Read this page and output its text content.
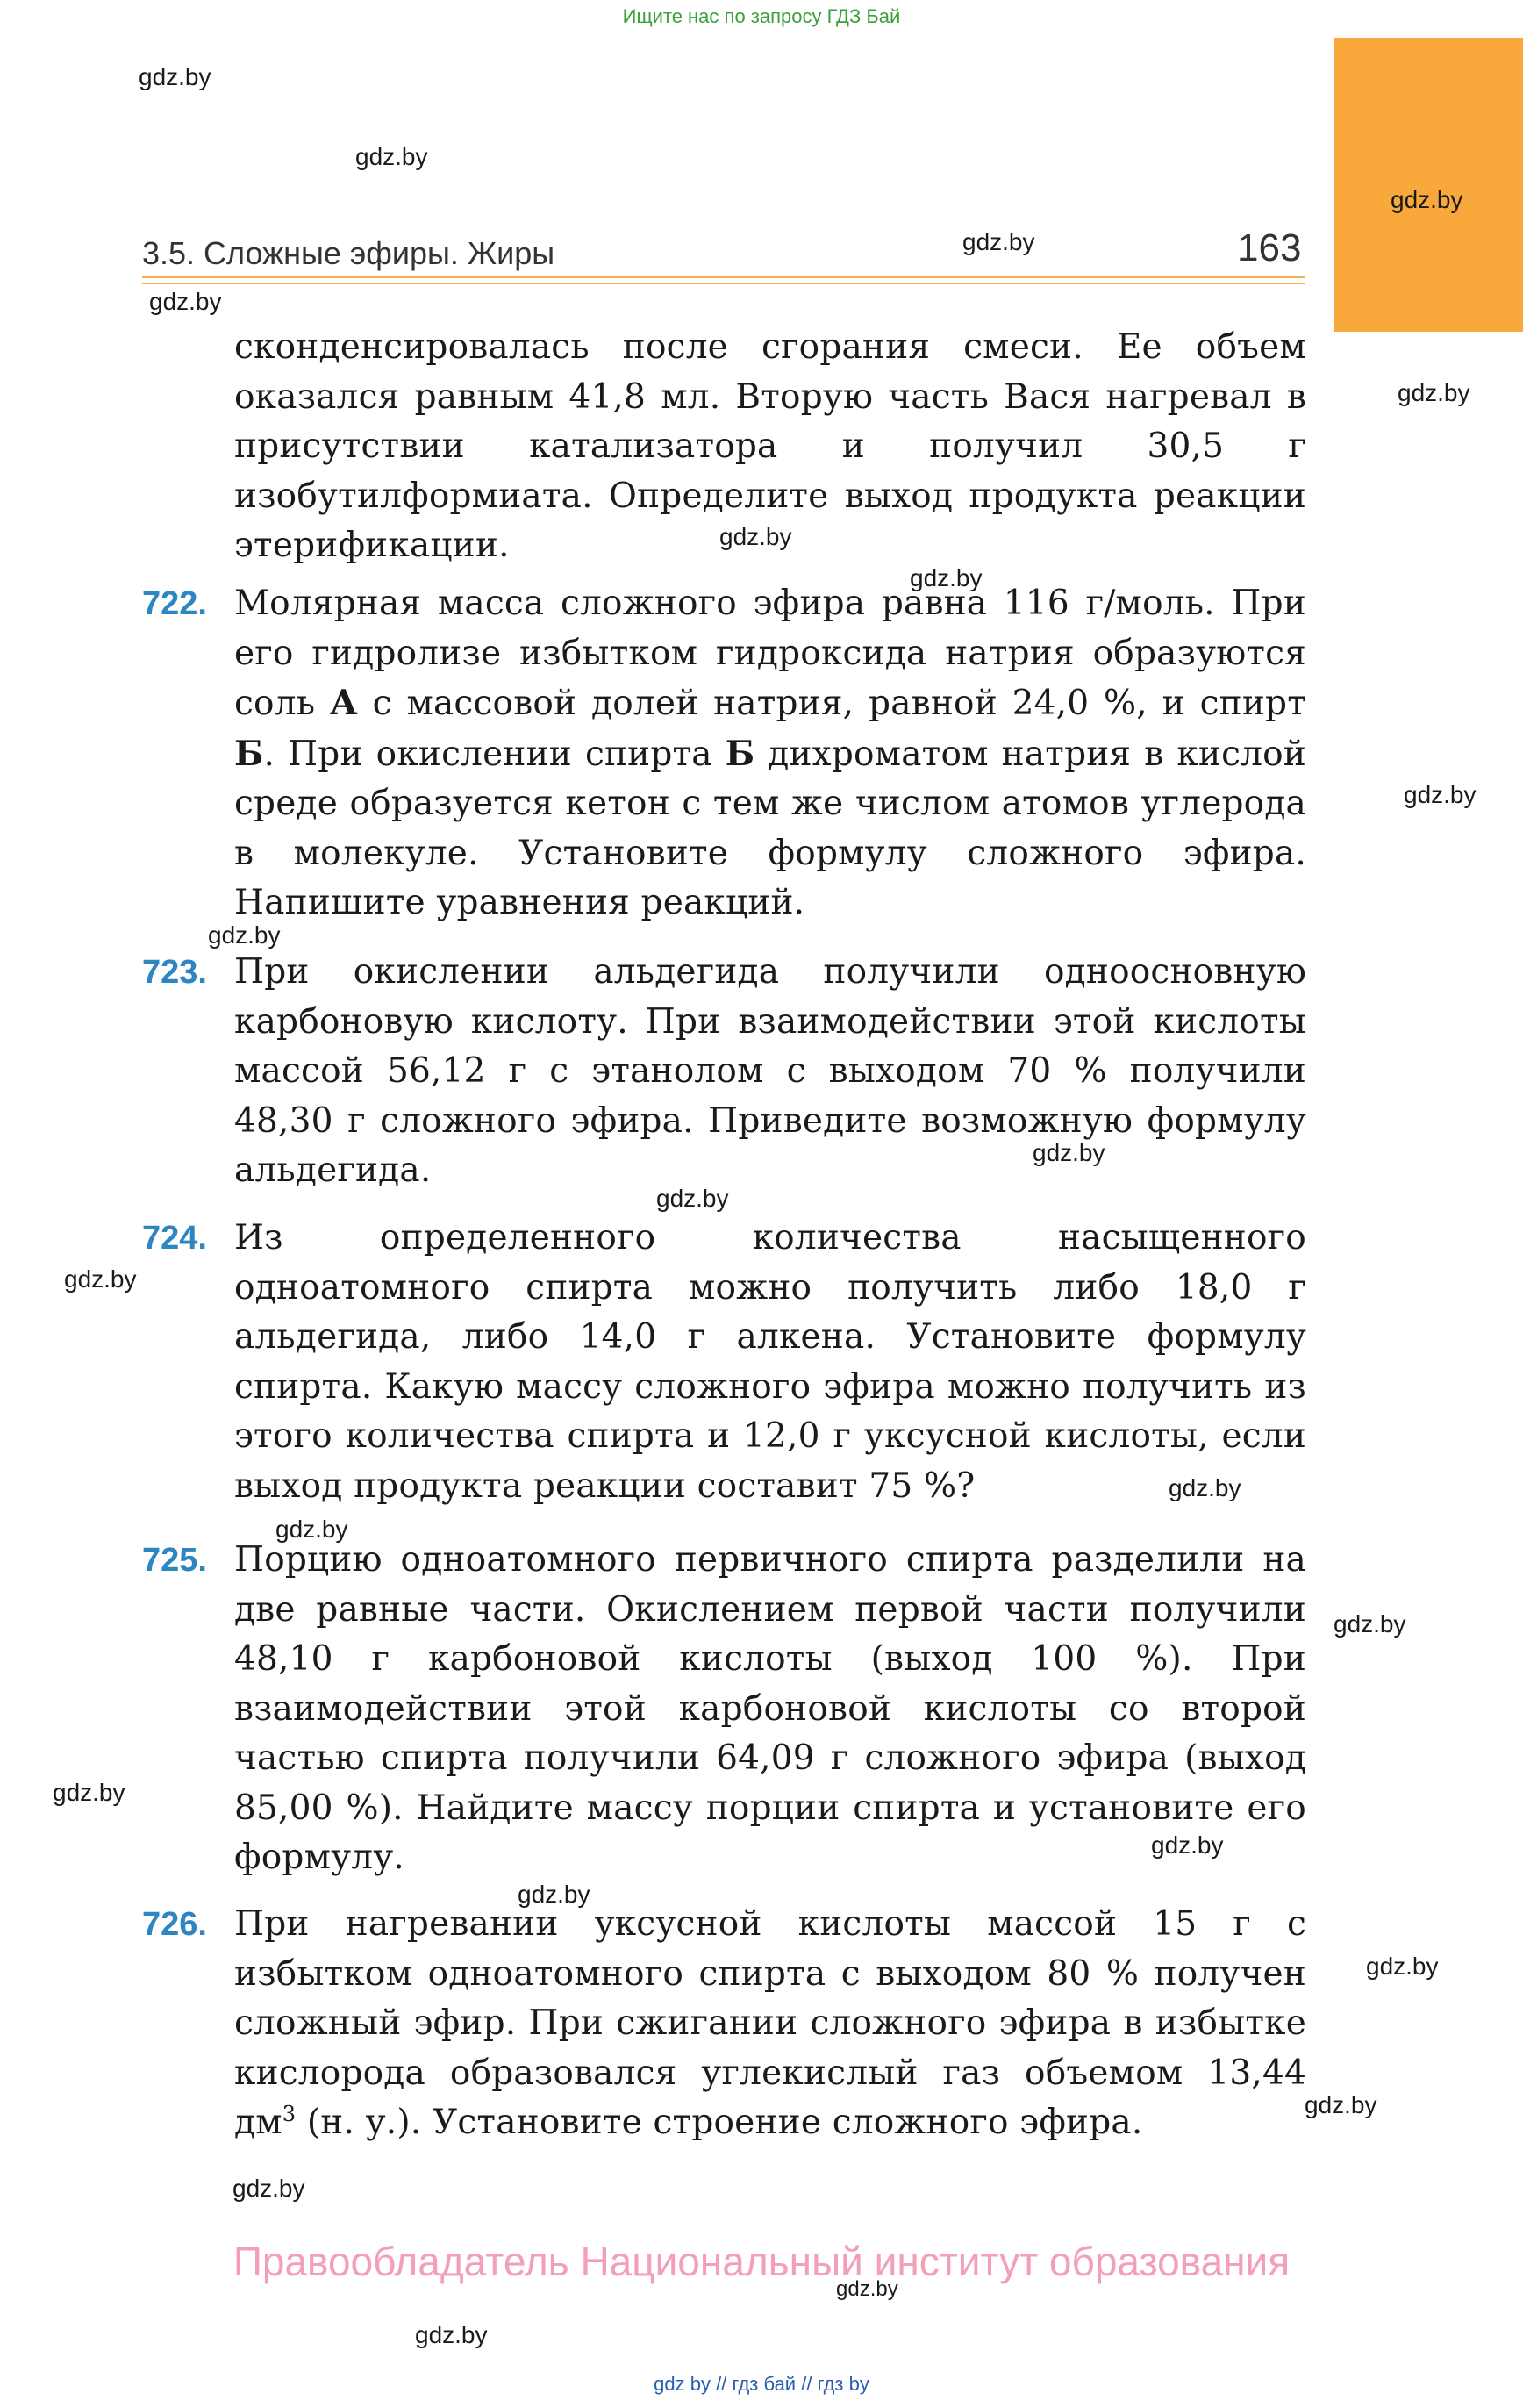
Ищите нас по запросу ГДЗ Бай
3.5. Сложные эфиры. Жиры	163
сконденсировалась после сгорания смеси. Ее объем оказался равным 41,8 мл. Вторую часть Вася нагревал в присутствии катализатора и получил 30,5 г изобутилформиата. Определите выход продукта реакции этерификации.
722. Молярная масса сложного эфира равна 116 г/моль. При его гидролизе избытком гидроксида натрия образуются соль А с массовой долей натрия, равной 24,0 %, и спирт Б. При окислении спирта Б дихроматом натрия в кислой среде образуется кетон с тем же числом атомов углерода в молекуле. Установите формулу сложного эфира. Напишите уравнения реакций.
723. При окислении альдегида получили одноосновную карбоновую кислоту. При взаимодействии этой кислоты массой 56,12 г с этанолом с выходом 70 % получили 48,30 г сложного эфира. Приведите возможную формулу альдегида.
724. Из определенного количества насыщенного одноатомного спирта можно получить либо 18,0 г альдегида, либо 14,0 г алкена. Установите формулу спирта. Какую массу сложного эфира можно получить из этого количества спирта и 12,0 г уксусной кислоты, если выход продукта реакции составит 75 %?
725. Порцию одноатомного первичного спирта разделили на две равные части. Окислением первой части получили 48,10 г карбоновой кислоты (выход 100 %). При взаимодействии этой карбоновой кислоты со второй частью спирта получили 64,09 г сложного эфира (выход 85,00 %). Найдите массу порции спирта и установите его формулу.
726. При нагревании уксусной кислоты массой 15 г с избытком одноатомного спирта с выходом 80 % получен сложный эфир. При сжигании сложного эфира в избытке кислорода образовался углекислый газ объемом 13,44 $дм^3$ (н. у.). Установите строение сложного эфира.
gdz.by
gdz.by
gdz.by
gdz.by
gdz.by
gdz.by
gdz.by
gdz.by
gdz.by
gdz.by
gdz.by
gdz.by
gdz.by
gdz.by
gdz.by
gdz.by
gdz.by
gdz.by
gdz.by
gdz.by
gdz.by
gdz.by
gdz.by
gdz.by
Правообладатель Национальный институт образования
gdz by // гдз бай // гдз by
